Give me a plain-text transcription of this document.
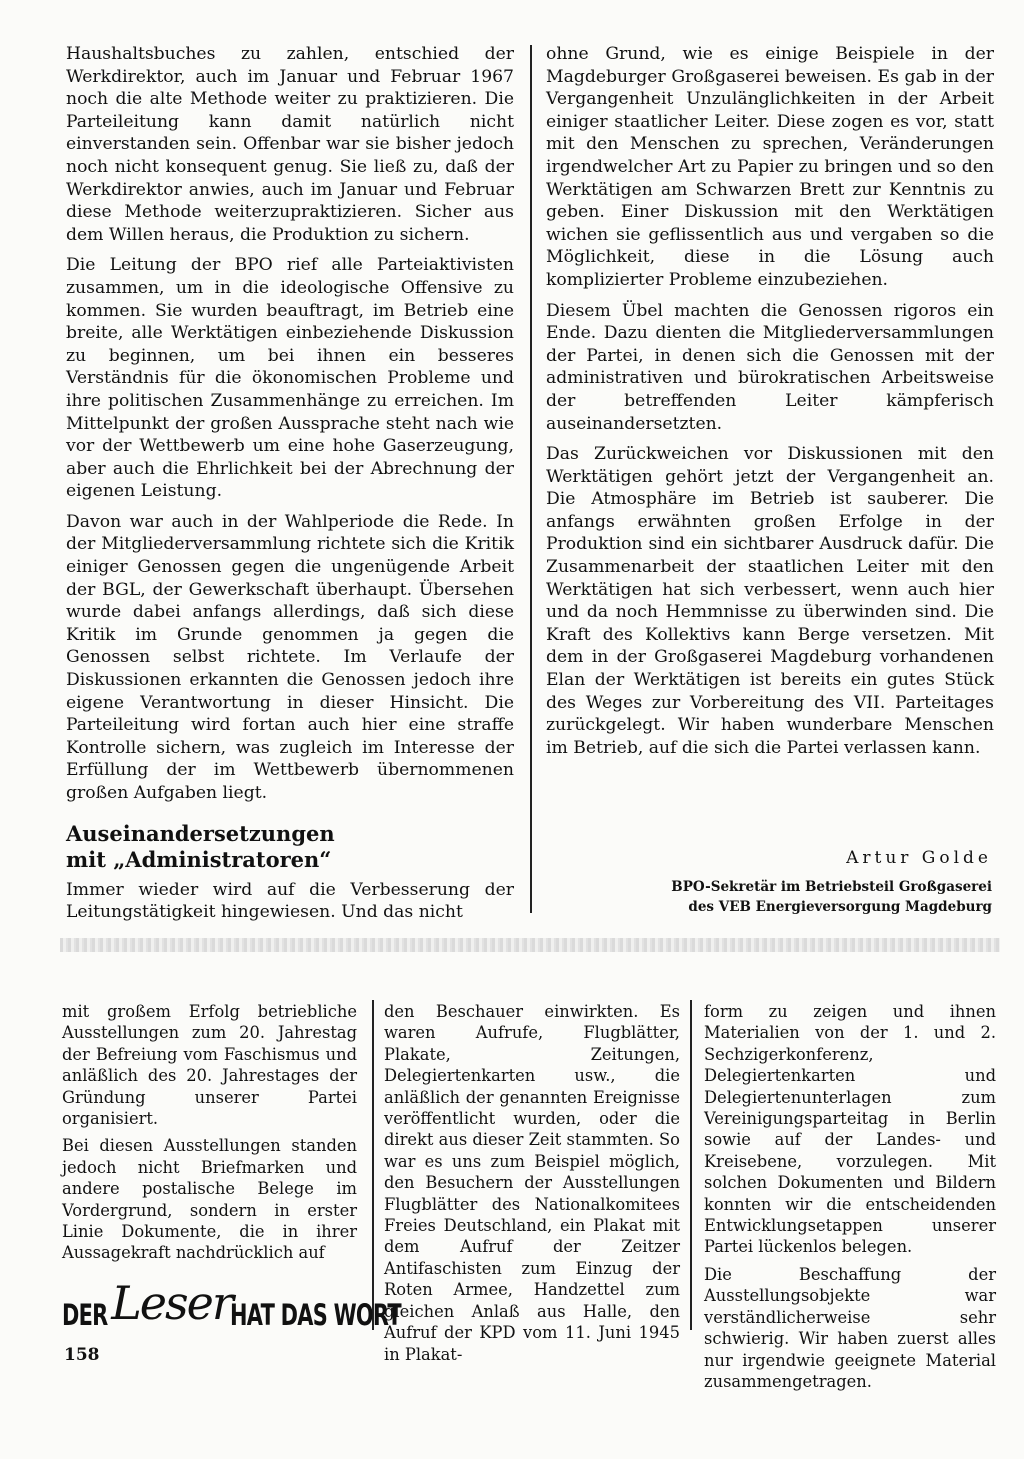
Haushaltsbuches zu zahlen, entschied der Werkdirektor, auch im Januar und Februar 1967 noch die alte Methode weiter zu praktizieren. Die Parteileitung kann damit natürlich nicht einverstanden sein. Offenbar war sie bisher jedoch noch nicht konsequent genug. Sie ließ zu, daß der Werkdirektor anwies, auch im Januar und Februar diese Methode weiterzupraktizieren. Sicher aus dem Willen heraus, die Produktion zu sichern.

Die Leitung der BPO rief alle Parteiaktivisten zusammen, um in die ideologische Offensive zu kommen. Sie wurden beauftragt, im Betrieb eine breite, alle Werktätigen einbeziehende Diskussion zu beginnen, um bei ihnen ein besseres Verständnis für die ökonomischen Probleme und ihre politischen Zusammenhänge zu erreichen. Im Mittelpunkt der großen Aussprache steht nach wie vor der Wettbewerb um eine hohe Gaserzeugung, aber auch die Ehrlichkeit bei der Abrechnung der eigenen Leistung.

Davon war auch in der Wahlperiode die Rede. In der Mitgliederversammlung richtete sich die Kritik einiger Genossen gegen die ungenügende Arbeit der BGL, der Gewerkschaft überhaupt. Übersehen wurde dabei anfangs allerdings, daß sich diese Kritik im Grunde genommen ja gegen die Genossen selbst richtete. Im Verlaufe der Diskussionen erkannten die Genossen jedoch ihre eigene Verantwortung in dieser Hinsicht. Die Parteileitung wird fortan auch hier eine straffe Kontrolle sichern, was zugleich im Interesse der Erfüllung der im Wettbewerb übernommenen großen Aufgaben liegt.

Auseinandersetzungen
mit „Administratoren“

Immer wieder wird auf die Verbesserung der Leitungstätigkeit hingewiesen. Und das nicht

ohne Grund, wie es einige Beispiele in der Magdeburger Großgaserei beweisen. Es gab in der Vergangenheit Unzulänglichkeiten in der Arbeit einiger staatlicher Leiter. Diese zogen es vor, statt mit den Menschen zu sprechen, Veränderungen irgendwelcher Art zu Papier zu bringen und so den Werktätigen am Schwarzen Brett zur Kenntnis zu geben. Einer Diskussion mit den Werktätigen wichen sie geflissentlich aus und vergaben so die Möglichkeit, diese in die Lösung auch komplizierter Probleme einzubeziehen.

Diesem Übel machten die Genossen rigoros ein Ende. Dazu dienten die Mitgliederversammlungen der Partei, in denen sich die Genossen mit der administrativen und bürokratischen Arbeitsweise der betreffenden Leiter kämpferisch auseinandersetzten.

Das Zurückweichen vor Diskussionen mit den Werktätigen gehört jetzt der Vergangenheit an. Die Atmosphäre im Betrieb ist sauberer. Die anfangs erwähnten großen Erfolge in der Produktion sind ein sichtbarer Ausdruck dafür. Die Zusammenarbeit der staatlichen Leiter mit den Werktätigen hat sich verbessert, wenn auch hier und da noch Hemmnisse zu überwinden sind. Die Kraft des Kollektivs kann Berge versetzen. Mit dem in der Großgaserei Magdeburg vorhandenen Elan der Werktätigen ist bereits ein gutes Stück des Weges zur Vorbereitung des VII. Parteitages zurückgelegt. Wir haben wunderbare Menschen im Betrieb, auf die sich die Partei verlassen kann.

Artur Golde
BPO-Sekretär im Betriebsteil Großgaserei
des VEB Energieversorgung Magdeburg

mit großem Erfolg betriebliche Ausstellungen zum 20. Jahrestag der Befreiung vom Faschismus und anläßlich des 20. Jahrestages der Gründung unserer Partei organisiert.

Bei diesen Ausstellungen standen jedoch nicht Briefmarken und andere postalische Belege im Vordergrund, sondern in erster Linie Dokumente, die in ihrer Aussagekraft nachdrücklich auf

den Beschauer einwirkten. Es waren Aufrufe, Flugblätter, Plakate, Zeitungen, Delegiertenkarten usw., die anläßlich der genannten Ereignisse veröffentlicht wurden, oder die direkt aus dieser Zeit stammten. So war es uns zum Beispiel möglich, den Besuchern der Ausstellungen Flugblätter des Nationalkomitees Freies Deutschland, ein Plakat mit dem Aufruf der Zeitzer Antifaschisten zum Einzug der Roten Armee, Handzettel zum gleichen Anlaß aus Halle, den Aufruf der KPD vom 11. Juni 1945 in Plakat-

form zu zeigen und ihnen Materialien von der 1. und 2. Sechzigerkonferenz, Delegiertenkarten und Delegiertenunterlagen zum Vereinigungsparteitag in Berlin sowie auf der Landes- und Kreisebene, vorzulegen. Mit solchen Dokumenten und Bildern konnten wir die entscheidenden Entwicklungsetappen unserer Partei lückenlos belegen.

Die Beschaffung der Ausstellungsobjekte war verständlicherweise sehr schwierig. Wir haben zuerst alles nur irgendwie geeignete Material zusammengetragen.

DER Leser
HAT DAS WORT
158
